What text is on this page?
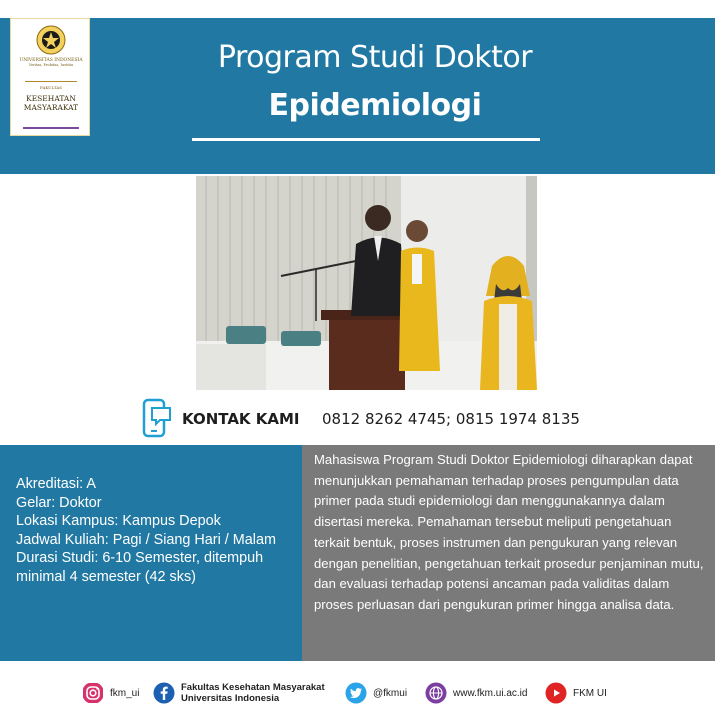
UNIVERSITAS INDONESIA
Veritas, Probitas, Iustitia
FAKULTAS
KESEHATAN
MASYARAKAT
Program Studi Doktor
Epidemiologi
KONTAK KAMI 0812 8262 4745; 0815 1974 8135
Akreditasi: A
Gelar: Doktor
Lokasi Kampus: Kampus Depok
Jadwal Kuliah: Pagi / Siang Hari / Malam
Durasi Studi: 6-10 Semester, ditempuh minimal 4 semester (42 sks)

Mahasiswa Program Studi Doktor Epidemiologi diharapkan dapat menunjukkan pemahaman terhadap proses pengumpulan data primer pada studi epidemiologi dan menggunakannya dalam disertasi mereka. Pemahaman tersebut meliputi pengetahuan terkait bentuk, proses instrumen dan pengukuran yang relevan dengan penelitian, pengetahuan terkait prosedur penjaminan mutu, dan evaluasi terhadap potensi ancaman pada validitas dalam proses perluasan dari pengukuran primer hingga analisa data.

fkm_ui	Fakultas Kesehatan Masyarakat
Universitas Indonesia	@fkmui	www.fkm.ui.ac.id	FKM UI
